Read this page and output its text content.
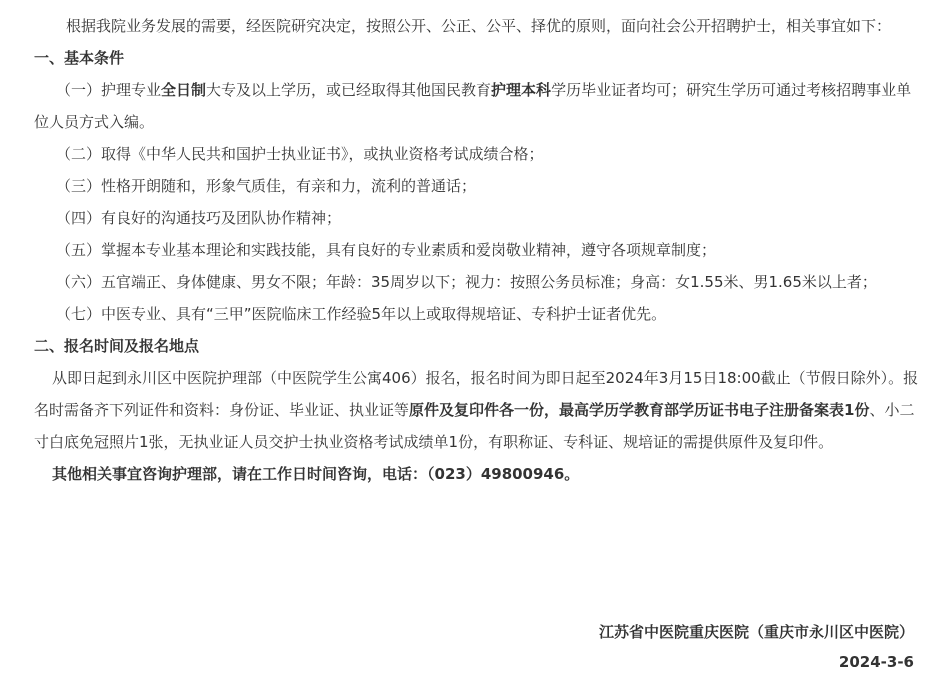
根据我院业务发展的需要，经医院研究决定，按照公开、公正、公平、择优的原则，面向社会公开招聘护士，相关事宜如下：

一、基本条件

（一）护理专业全日制大专及以上学历，或已经取得其他国民教育护理本科学历毕业证者均可；研究生学历可通过考核招聘事业单位人员方式入编。

（二）取得《中华人民共和国护士执业证书》，或执业资格考试成绩合格；

（三）性格开朗随和，形象气质佳，有亲和力，流利的普通话；

（四）有良好的沟通技巧及团队协作精神；

（五）掌握本专业基本理论和实践技能，具有良好的专业素质和爱岗敬业精神，遵守各项规章制度；

（六）五官端正、身体健康、男女不限；年龄：35周岁以下；视力：按照公务员标准；身高：女1.55米、男1.65米以上者；

（七）中医专业、具有“三甲”医院临床工作经验5年以上或取得规培证、专科护士证者优先。

二、报名时间及报名地点

从即日起到永川区中医院护理部（中医院学生公寓406）报名，报名时间为即日起至2024年3月15日18:00截止（节假日除外）。报名时需备齐下列证件和资料：身份证、毕业证、执业证等原件及复印件各一份，最高学历学教育部学历证书电子注册备案表1份、小二寸白底免冠照片1张，无执业证人员交护士执业资格考试成绩单1份，有职称证、专科证、规培证的需提供原件及复印件。

其他相关事宜咨询护理部，请在工作日时间咨询，电话：（023）49800946。

江苏省中医院重庆医院（重庆市永川区中医院）
2024-3-6
